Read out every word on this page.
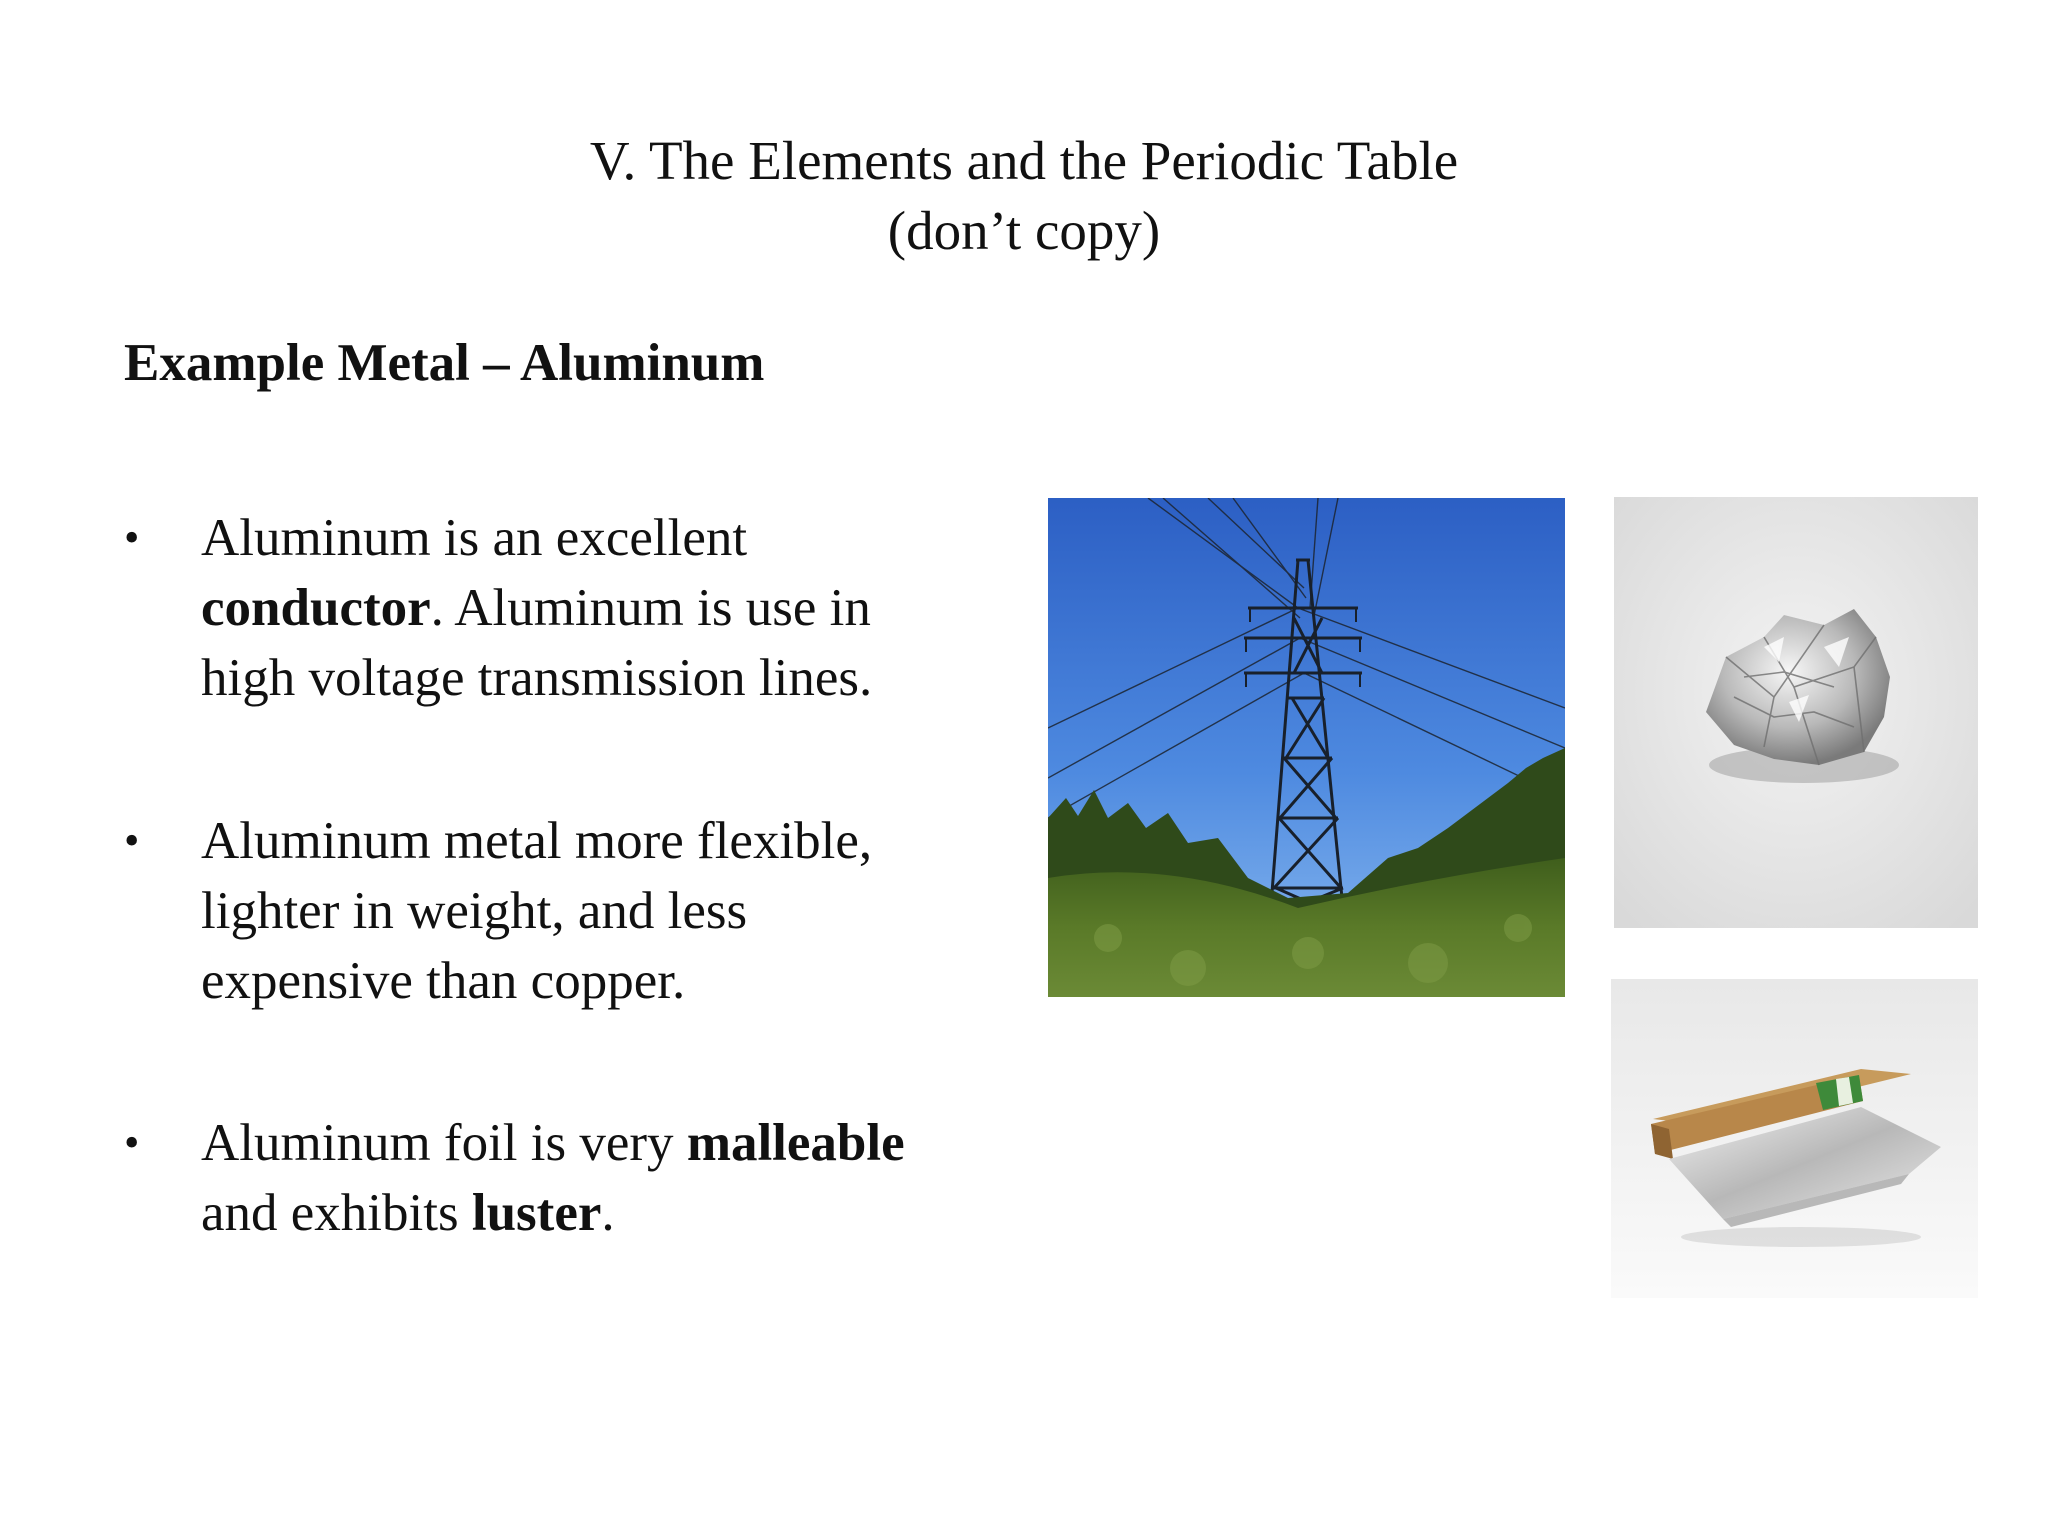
V. The Elements and the Periodic Table
(don’t copy)
Example Metal – Aluminum
•	Aluminum is an excellent
conductor. Aluminum is use in
high voltage transmission lines.
•	Aluminum metal more flexible,
lighter in weight, and less
expensive than copper.
•	Aluminum foil is very malleable
and exhibits luster.
